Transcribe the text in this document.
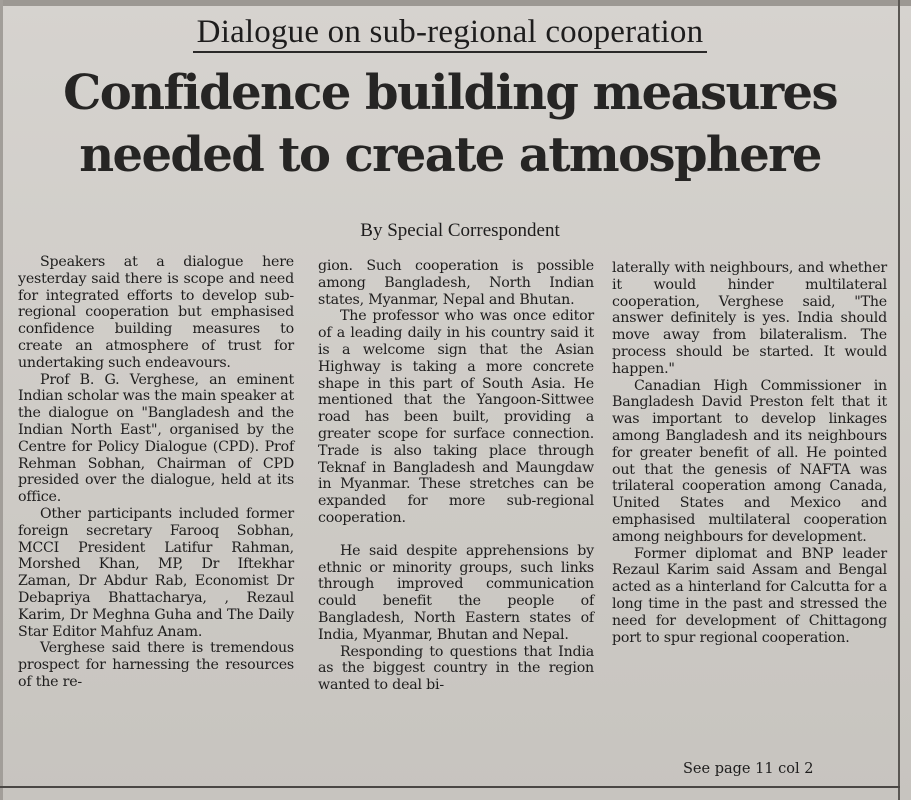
Dialogue on sub-regional cooperation
Confidence building measures
needed to create atmosphere
By Special Correspondent

Speakers at a dialogue here yesterday said there is scope and need for integrated efforts to develop sub-regional cooperation but emphasised confidence building measures to create an atmosphere of trust for undertaking such endeavours.

Prof B. G. Verghese, an eminent Indian scholar was the main speaker at the dialogue on "Bangladesh and the Indian North East", organised by the Centre for Policy Dialogue (CPD). Prof Rehman Sobhan, Chairman of CPD presided over the dialogue, held at its office.

Other participants included former foreign secretary Farooq Sobhan, MCCI President Latifur Rahman, Morshed Khan, MP, Dr Iftekhar Zaman, Dr Abdur Rab, Economist Dr Debapriya Bhattacharya, , Rezaul Karim, Dr Meghna Guha and The Daily Star Editor Mahfuz Anam.

Verghese said there is tremendous prospect for harnessing the resources of the re-

gion. Such cooperation is possible among Bangladesh, North Indian states, Myanmar, Nepal and Bhutan.

The professor who was once editor of a leading daily in his country said it is a welcome sign that the Asian Highway is taking a more concrete shape in this part of South Asia. He mentioned that the Yangoon-Sittwee road has been built, providing a greater scope for surface connection. Trade is also taking place through Teknaf in Bangladesh and Maungdaw in Myanmar. These stretches can be expanded for more sub-regional cooperation.

He said despite apprehensions by ethnic or minority groups, such links through improved communication could benefit the people of Bangladesh, North Eastern states of India, Myanmar, Bhutan and Nepal.

Responding to questions that India as the biggest country in the region wanted to deal bi-

laterally with neighbours, and whether it would hinder multilateral cooperation, Verghese said, "The answer definitely is yes. India should move away from bilateralism. The process should be started. It would happen."

Canadian High Commissioner in Bangladesh David Preston felt that it was important to develop linkages among Bangladesh and its neighbours for greater benefit of all. He pointed out that the genesis of NAFTA was trilateral cooperation among Canada, United States and Mexico and emphasised multilateral cooperation among neighbours for development.

Former diplomat and BNP leader Rezaul Karim said Assam and Bengal acted as a hinterland for Calcutta for a long time in the past and stressed the need for development of Chittagong port to spur regional cooperation.

See page 11 col 2
